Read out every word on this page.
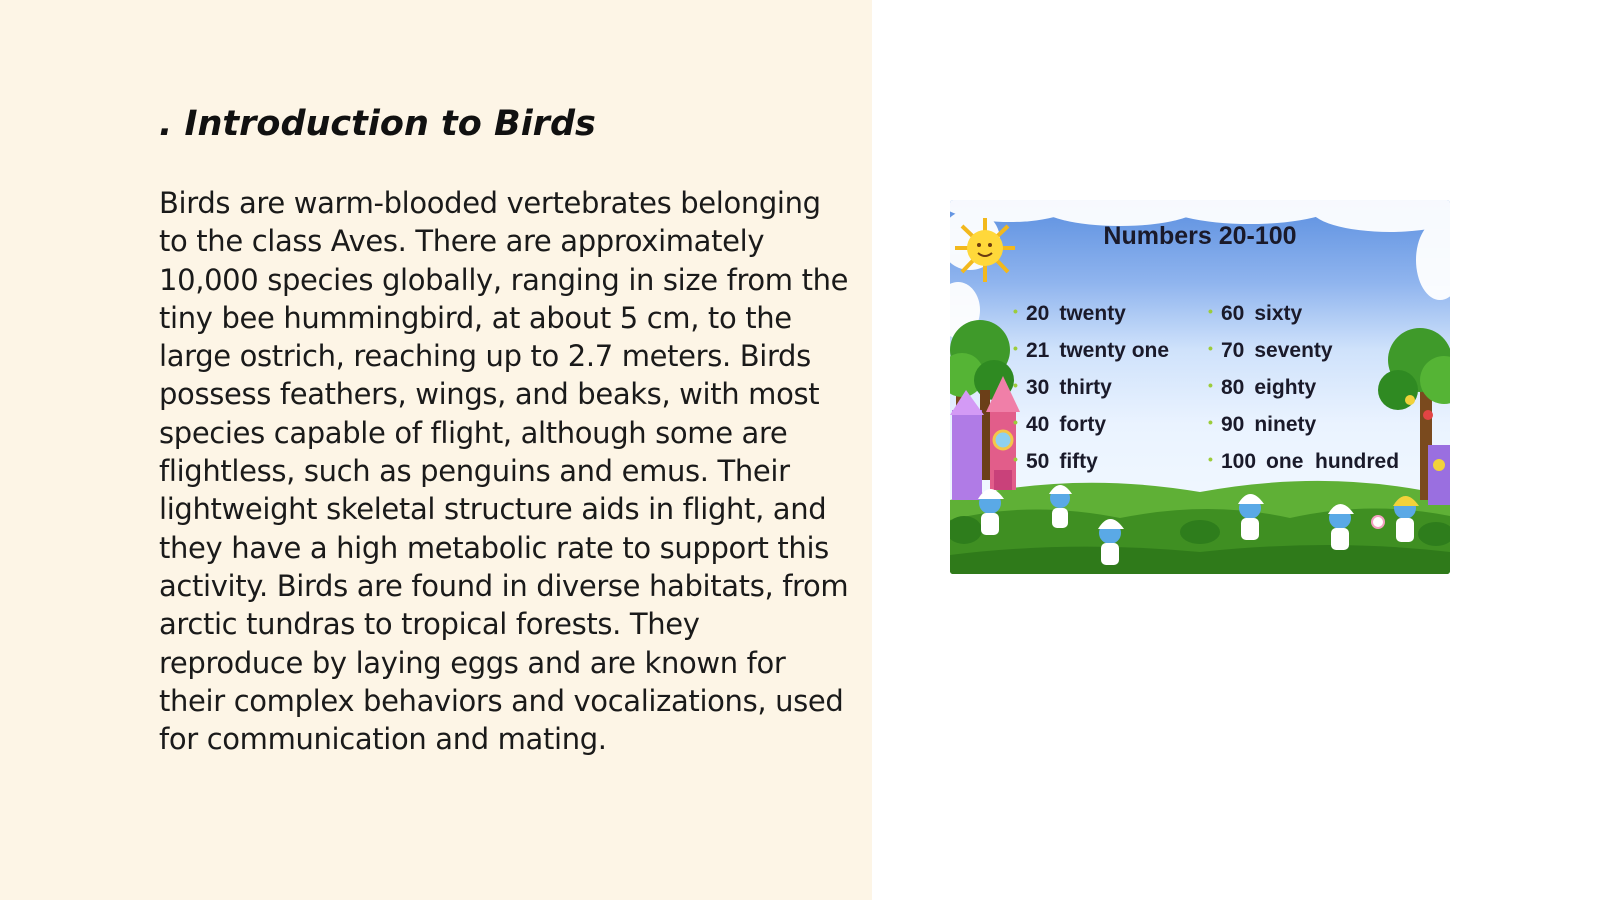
. Introduction to Birds

Birds are warm-blooded vertebrates belonging to the class Aves. There are approximately 10,000 species globally, ranging in size from the tiny bee hummingbird, at about 5 cm, to the large ostrich, reaching up to 2.7 meters. Birds possess feathers, wings, and beaks, with most species capable of flight, although some are flightless, such as penguins and emus. Their lightweight skeletal structure aids in flight, and they have a high metabolic rate to support this activity. Birds are found in diverse habitats, from arctic tundras to tropical forests. They reproduce by laying eggs and are known for their complex behaviors and vocalizations, used for communication and mating.

Numbers 20-100
• 20 twenty
• 21 twenty one
• 30 thirty
• 40 forty
• 50 fifty
• 60 sixty
• 70 seventy
• 80 eighty
• 90 ninety
• 100 one  hundred
